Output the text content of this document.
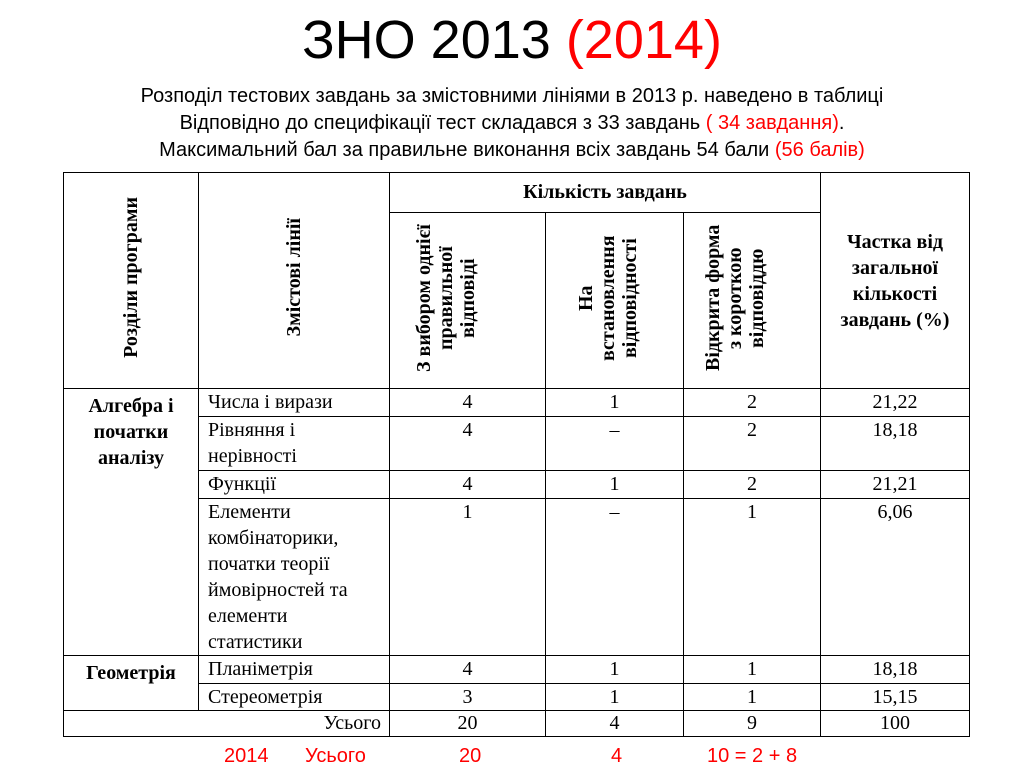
ЗНО 2013 (2014)
Розподіл тестових завдань за змістовними лініями в 2013 р. наведено в таблиці
Відповідно до специфікації тест складався з 33 завдань ( 34 завдання).
Максимальний бал за правильне виконання всіх завдань 54 бали (56 балів)
Розділи програми	Змістові лінії	Кількість завдань			Частка від загальної кількості завдань (%)
		З вибором однієї правильної відповіді	На встановлення відповідності	Відкрита форма з короткою відповіддю	
Алгебра і початки аналізу	Числа і вирази	4	1	2	21,22
	Рівняння і нерівності	4	–	2	18,18
	Функції	4	1	2	21,21
	Елементи комбінаторики, початки теорії ймовірностей та елементи статистики	1	–	1	6,06
Геометрія	Планіметрія	4	1	1	18,18
	Стереометрія	3	1	1	15,15
Усього		20	4	9	100
2014 Усього	20	4	10 = 2 + 8
